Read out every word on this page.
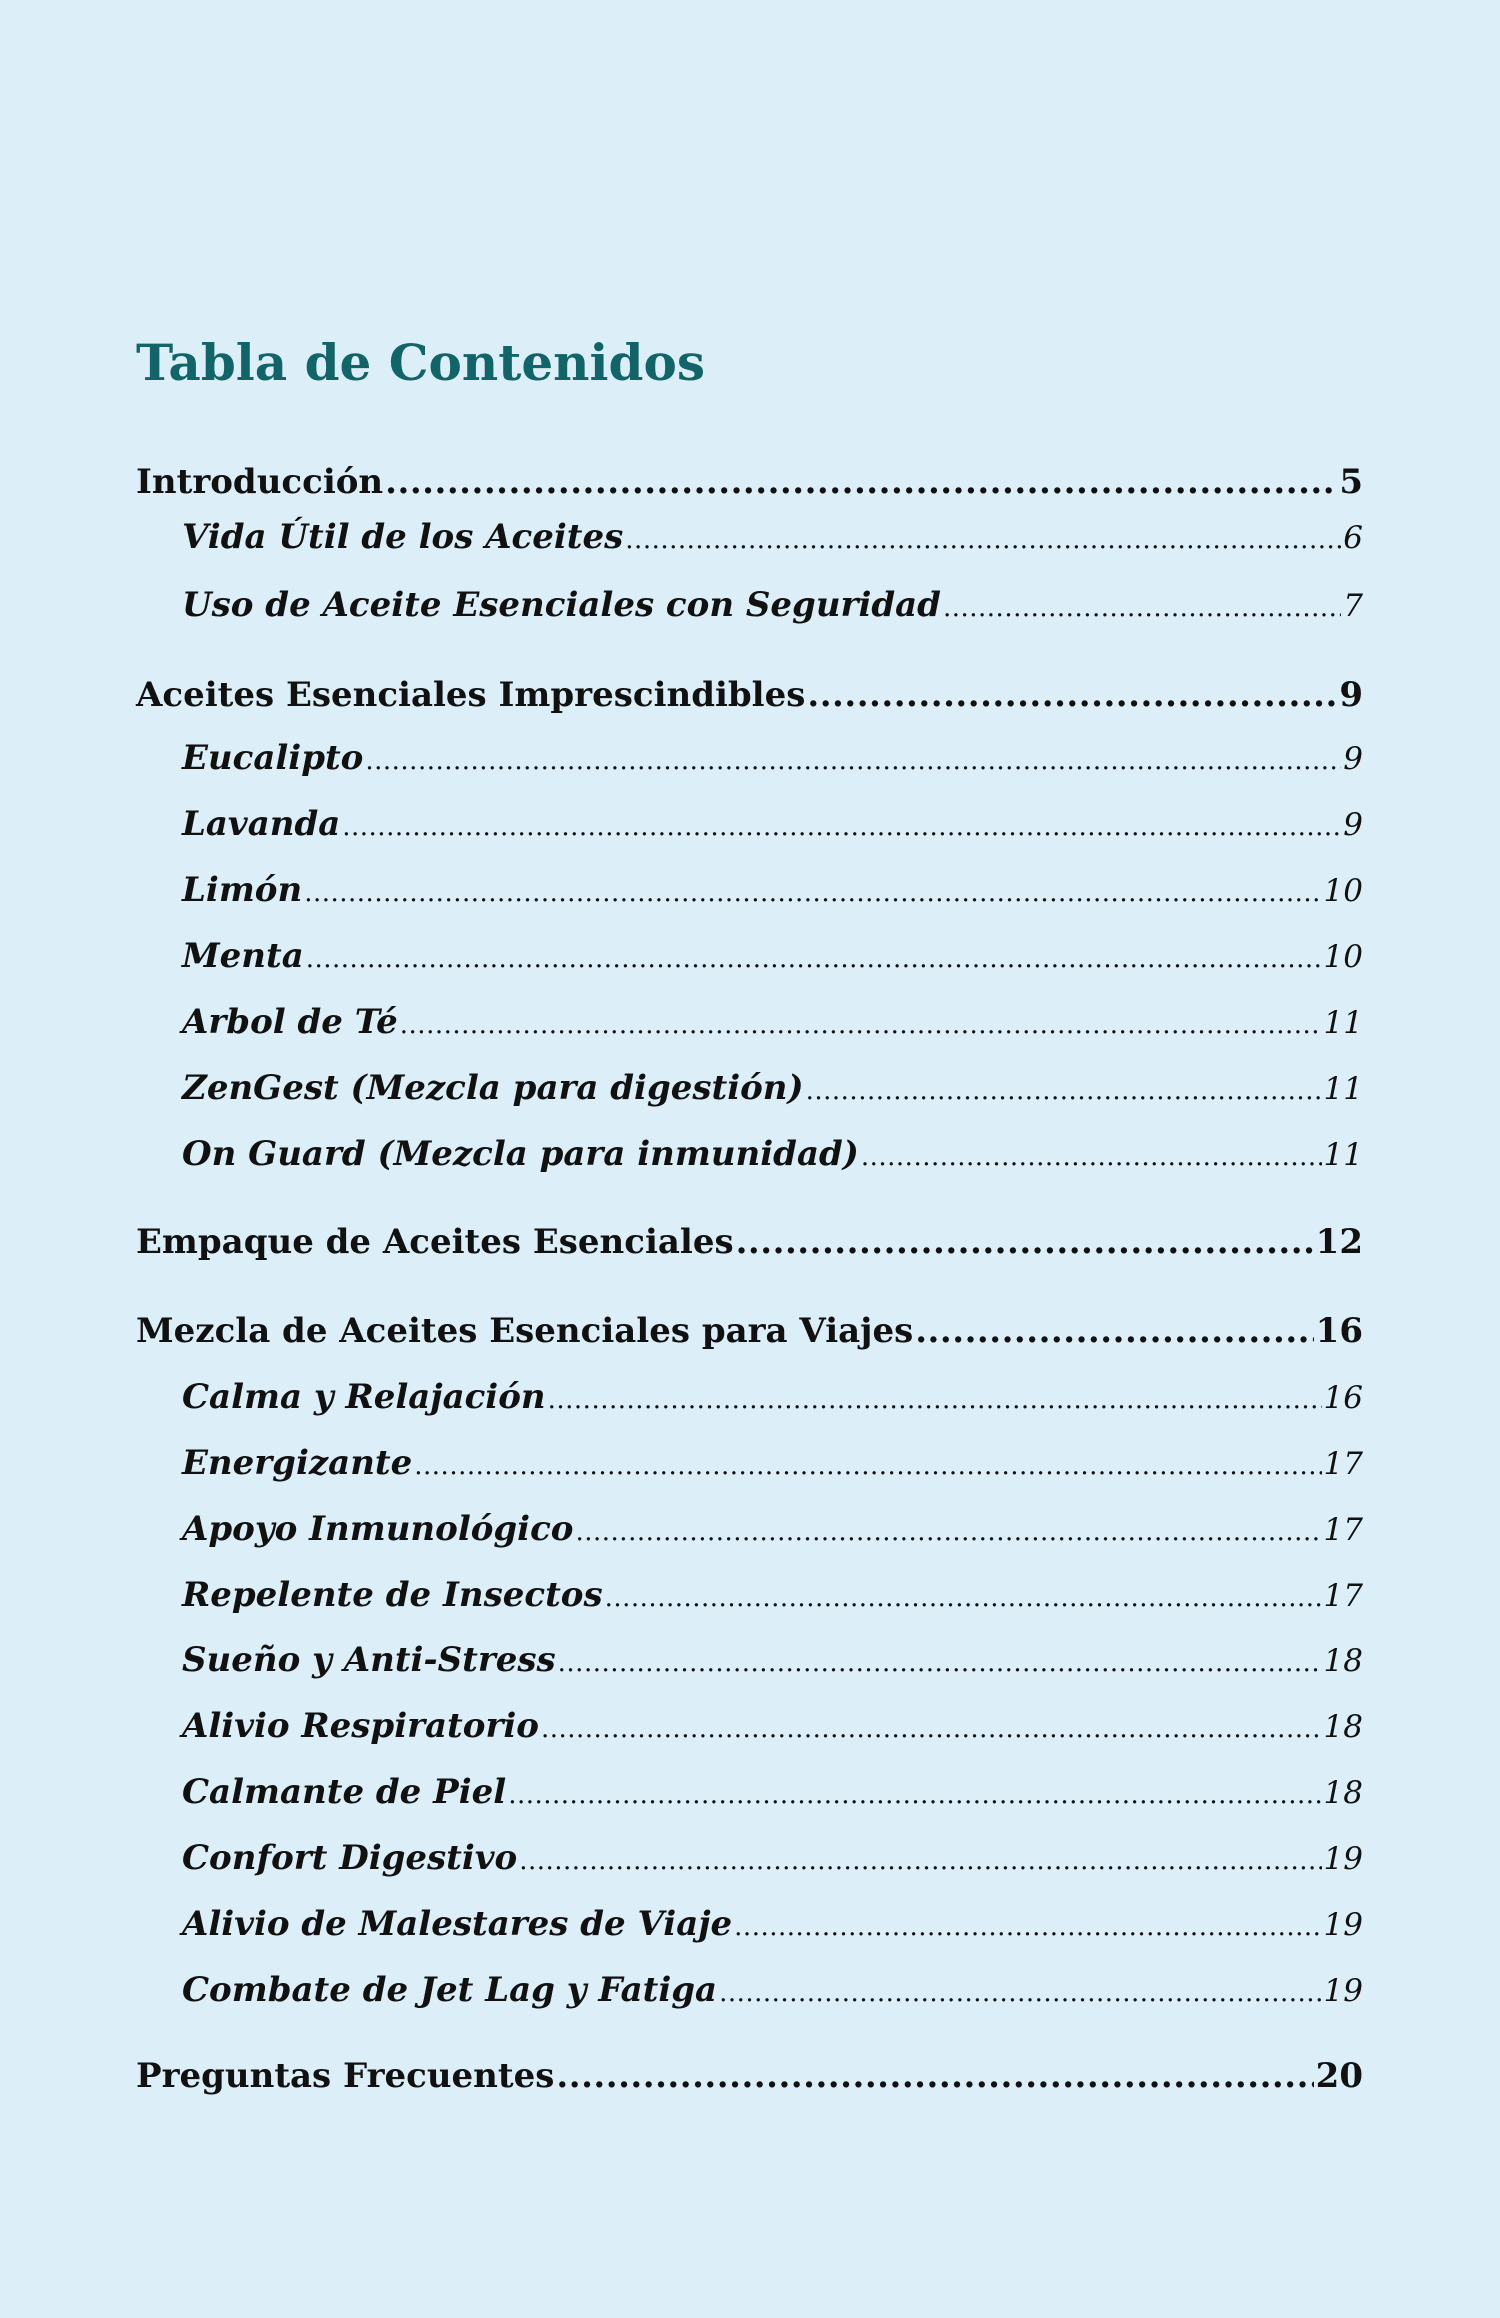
Tabla de Contenidos
Introducción .....	5
Vida Útil de los Aceites .....	6
Uso de Aceite Esenciales con Seguridad .....	7
Aceites Esenciales Imprescindibles .....	9
Eucalipto .....	9
Lavanda .....	9
Limón .....	10
Menta .....	10
Arbol de Té .....	11
ZenGest (Mezcla para digestión) .....	11
On Guard (Mezcla para inmunidad) .....	11
Empaque de Aceites Esenciales .....	12
Mezcla de Aceites Esenciales para Viajes .....	16
Calma y Relajación .....	16
Energizante .....	17
Apoyo Inmunológico .....	17
Repelente de Insectos .....	17
Sueño y Anti-Stress .....	18
Alivio Respiratorio .....	18
Calmante de Piel .....	18
Confort Digestivo .....	19
Alivio de Malestares de Viaje .....	19
Combate de Jet Lag y Fatiga .....	19
Preguntas Frecuentes .....	20
